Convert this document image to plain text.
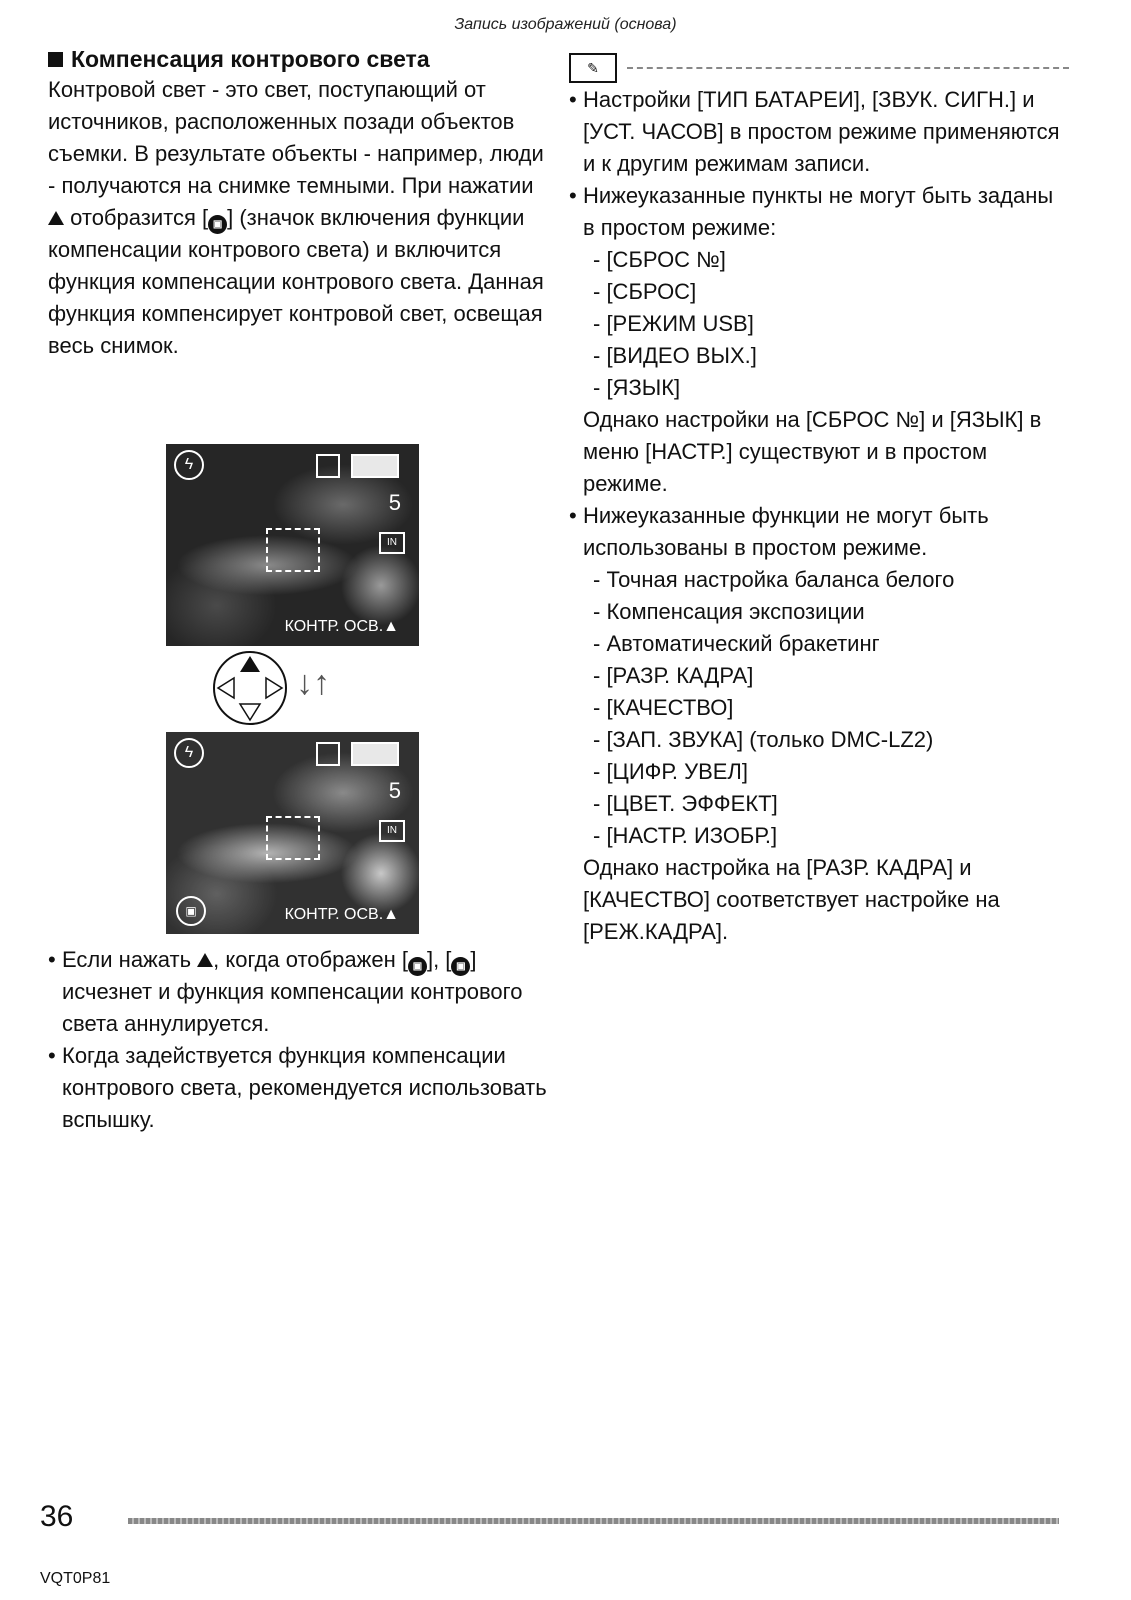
Запись изображений (основа)

Компенсация контрового света

Контровой свет - это свет, поступающий от источников, расположенных позади объектов съемки. В результате объекты - например, люди - получаются на снимке темными. При нажатии  отобразится [ ▣ ] (значок включения функции компенсации контрового света) и включится функция компенсации контрового света. Данная функция компенсирует контровой свет, освещая весь снимок.

ϟ
5
IN
КОНТР. ОСВ.▲
↓↑
ϟ
5
IN
▣	КОНТР. ОСВ.▲
• Если нажать , когда отображен [ ▣ ], [ ▣ ] исчезнет и функция компенсации контрового света аннулируется.
• Когда задействуется функция компенсации контрового света, рекомендуется использовать вспышку.
✎
• Настройки [ТИП БАТАРЕИ], [ЗВУК. СИГН.] и [УСТ. ЧАСОВ] в простом режиме применяются и к другим режимам записи.
• Нижеуказанные пункты не могут быть заданы в простом режиме:
- [СБРОС №]
- [СБРОС]
- [РЕЖИМ USB]
- [ВИДЕО ВЫХ.]
- [ЯЗЫК]
Однако настройки на [СБРОС №] и [ЯЗЫК] в меню [НАСТР.] существуют и в простом режиме.
• Нижеуказанные функции не могут быть использованы в простом режиме.
- Точная настройка баланса белого
- Компенсация экспозиции
- Автоматический бракетинг
- [РАЗР. КАДРА]
- [КАЧЕСТВО]
- [ЗАП. ЗВУКА] (только DMC-LZ2)
- [ЦИФР. УВЕЛ]
- [ЦВЕТ. ЭФФЕКТ]
- [НАСТР. ИЗОБР.]
Однако настройка на [РАЗР. КАДРА] и [КАЧЕСТВО] соответствует настройке на [РЕЖ.КАДРА].
36
VQT0P81
